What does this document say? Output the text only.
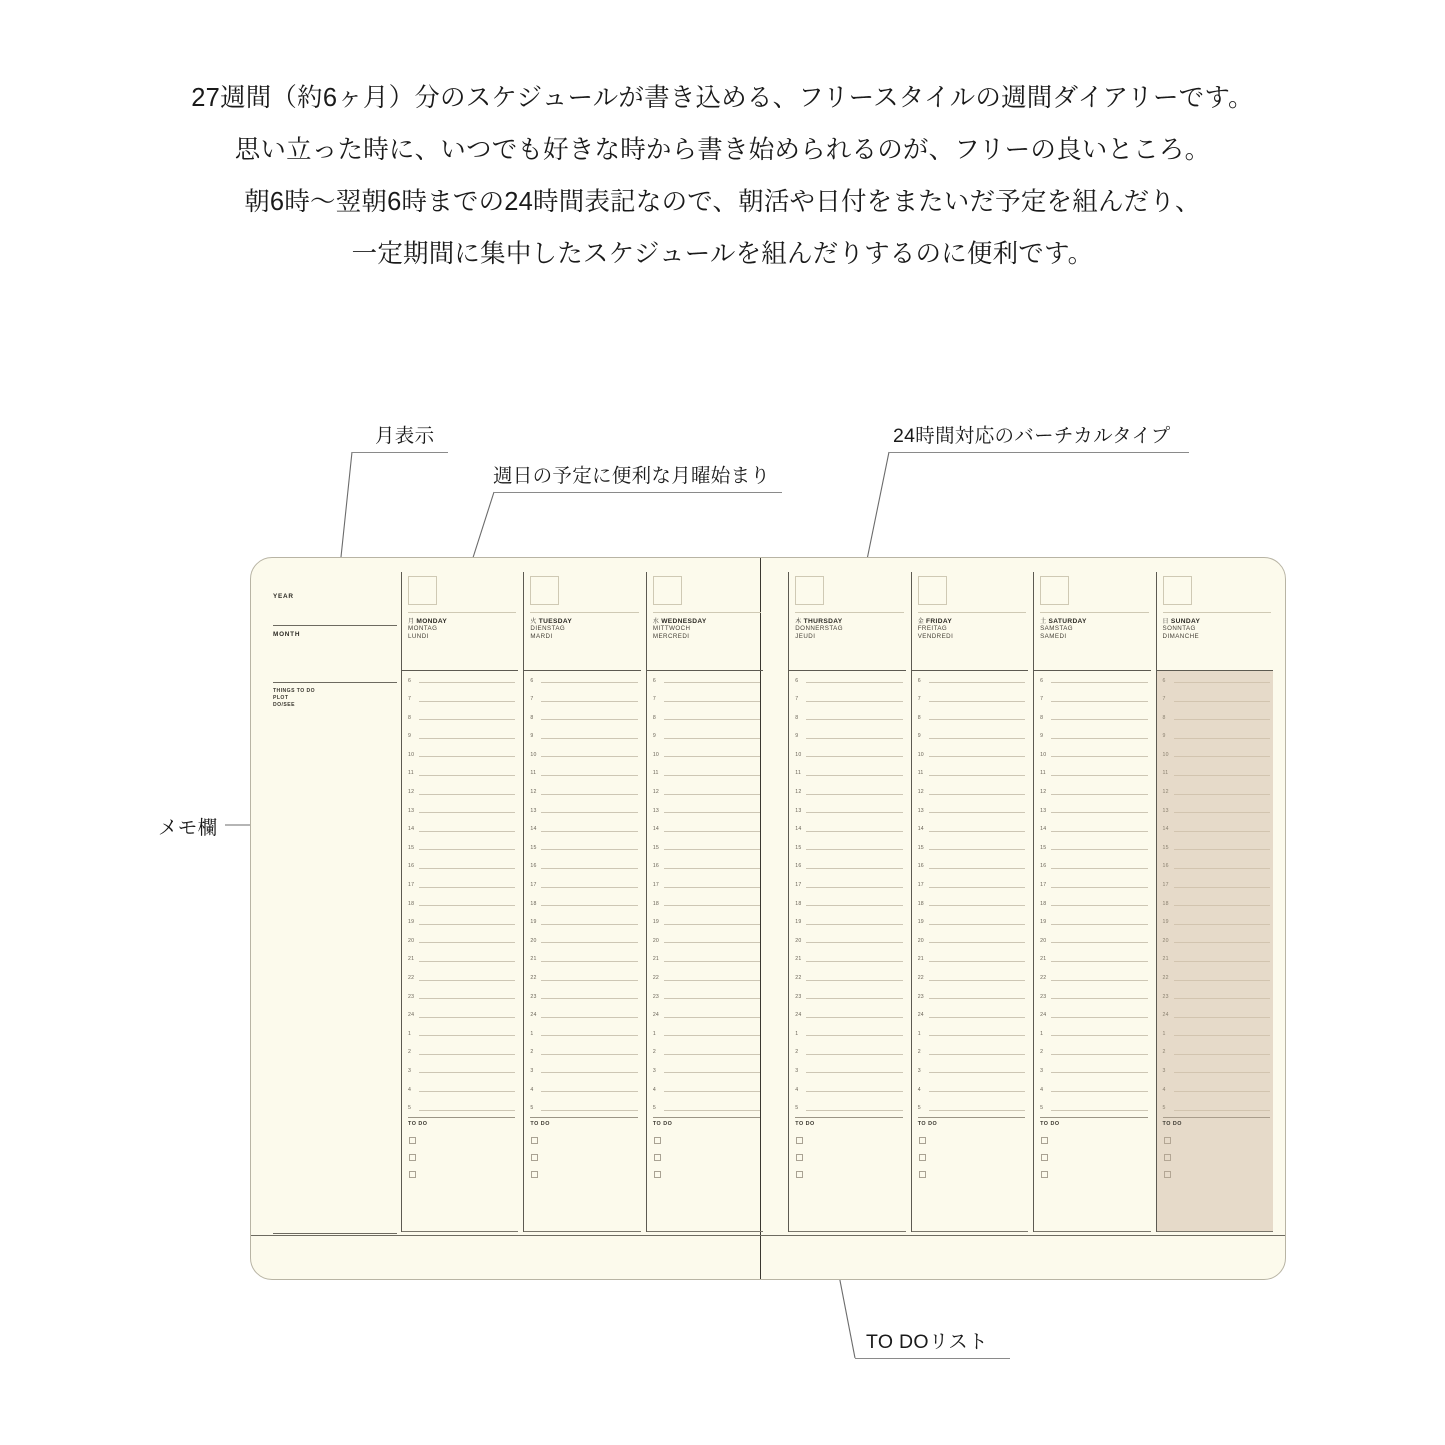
27週間（約6ヶ月）分のスケジュールが書き込める、フリースタイルの週間ダイアリーです。
思い立った時に、いつでも好きな時から書き始められるのが、フリーの良いところ。
朝6時〜翌朝6時までの24時間表記なので、朝活や日付をまたいだ予定を組んだり、
一定期間に集中したスケジュールを組んだりするのに便利です。
月表示
週日の予定に便利な月曜始まり
24時間対応のバーチカルタイプ
メモ欄
TO DOリスト
YEAR
MONTH
THINGS TO DO
PLOT
DO/SEE
月 MONDAY
MONTAG
LUNDI
6
7
8
9
10
11
12
13
14
15
16
17
18
19
20
21
22
23
24
1
2
3
4
5
TO DO
火 TUESDAY
DIENSTAG
MARDI
6
7
8
9
10
11
12
13
14
15
16
17
18
19
20
21
22
23
24
1
2
3
4
5
TO DO
水 WEDNESDAY
MITTWOCH
MERCREDI
6
7
8
9
10
11
12
13
14
15
16
17
18
19
20
21
22
23
24
1
2
3
4
5
TO DO
木 THURSDAY
DONNERSTAG
JEUDI
6
7
8
9
10
11
12
13
14
15
16
17
18
19
20
21
22
23
24
1
2
3
4
5
TO DO
金 FRIDAY
FREITAG
VENDREDI
6
7
8
9
10
11
12
13
14
15
16
17
18
19
20
21
22
23
24
1
2
3
4
5
TO DO
土 SATURDAY
SAMSTAG
SAMEDI
6
7
8
9
10
11
12
13
14
15
16
17
18
19
20
21
22
23
24
1
2
3
4
5
TO DO
日 SUNDAY
SONNTAG
DIMANCHE
6
7
8
9
10
11
12
13
14
15
16
17
18
19
20
21
22
23
24
1
2
3
4
5
TO DO
